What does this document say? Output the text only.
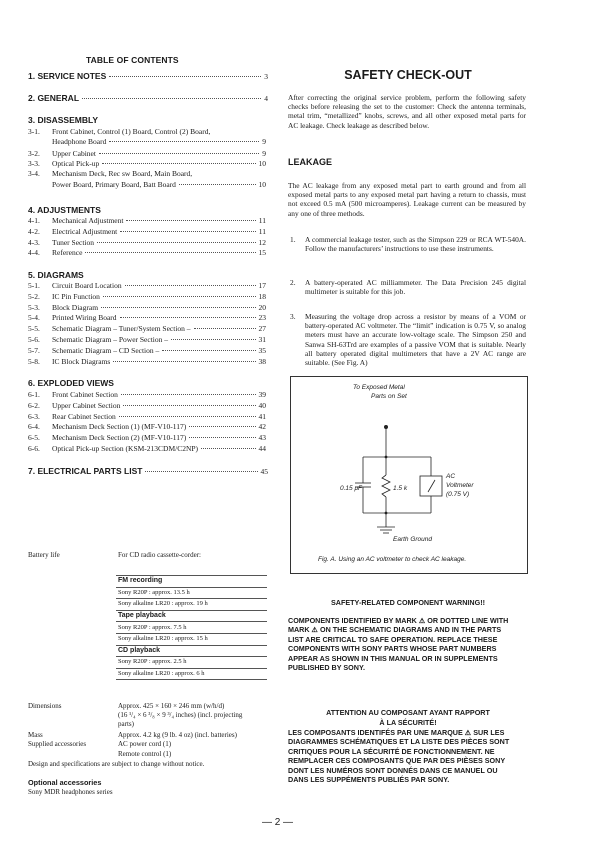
TABLE OF CONTENTS
1. SERVICE NOTES	3
2. GENERAL	4
3. DISASSEMBLY
3-1. Front Cabinet, Control (1) Board, Control (2) Board,
Headphone Board	9
3-2. Upper Cabinet	9
3-3. Optical Pick-up	10
3-4. Mechanism Deck, Rec sw Board, Main Board,
Power Board, Primary Board, Batt Board	10
4. ADJUSTMENTS
4-1. Mechanical Adjustment	11
4-2. Electrical Adjustment	11
4-3. Tuner Section	12
4-4. Reference	15
5. DIAGRAMS
5-1. Circuit Board Location	17
5-2. IC Pin Function	18
5-3. Block Diagram	20
5-4. Printed Wiring Board	23
5-5. Schematic Diagram – Tuner/System Section –	27
5-6. Schematic Diagram – Power Section –	31
5-7. Schematic Diagram – CD Section –	35
5-8. IC Block Diagrams	38
6. EXPLODED VIEWS
6-1. Front Cabinet Section	39
6-2. Upper Cabinet Section	40
6-3. Rear Cabinet Section	41
6-4. Mechanism Deck Section (1) (MF-V10-117)	42
6-5. Mechanism Deck Section (2) (MF-V10-117)	43
6-6. Optical Pick-up Section (KSM-213CDM/C2NP)	44
7. ELECTRICAL PARTS LIST	45
Battery life	For CD radio cassette-corder:
FM recording
Sony R20P : approx. 13.5 h
Sony alkaline LR20 : approx. 19 h
Tape playback
Sony R20P : approx. 7.5 h
Sony alkaline LR20 : approx. 15 h
CD playback
Sony R20P : approx. 2.5 h
Sony alkaline LR20 : approx. 6 h
Dimensions	Approx. 425 × 160 × 246 mm (w/h/d)
(16 ¹/₄ × 6 ³/₈ × 9 ³/₄ inches) (incl. projecting
parts)
Mass	Approx. 4.2 kg (9 lb. 4 oz) (incl. batteries)
Supplied accessories	AC power cord (1)
Remote control (1)
Design and specifications are subject to change without notice.
Optional accessories
Sony MDR headphones series
SAFETY CHECK-OUT
After correcting the original service problem, perform the following safety checks before releasing the set to the customer: Check the antenna terminals, metal trim, “metallized” knobs, screws, and all other exposed metal parts for AC leakage. Check leakage as described below.
LEAKAGE
The AC leakage from any exposed metal part to earth ground and from all exposed metal parts to any exposed metal part having a return to chassis, must not exceed 0.5 mA (500 microamperes). Leakage current can be measured by any one of three methods.
1. A commercial leakage tester, such as the Simpson 229 or RCA WT-540A. Follow the manufacturers’ instructions to use these instruments.
2. A battery-operated AC milliammeter. The Data Precision 245 digital multimeter is suitable for this job.
3. Measuring the voltage drop across a resistor by means of a VOM or battery-operated AC voltmeter. The “limit” indication is 0.75 V, so analog meters must have an accurate low-voltage scale. The Simpson 250 and Sanwa SH-63Trd are examples of a passive VOM that is suitable. Nearly all battery operated digital multimeters that have a 2V AC range are suitable. (See Fig. A)
To Exposed Metal
Parts on Set
0.15 μF	1.5 k
AC
Voltmeter
(0.75 V)
Earth Ground
Fig. A. Using an AC voltmeter to check AC leakage.
SAFETY-RELATED COMPONENT WARNING!!
COMPONENTS IDENTIFIED BY MARK ⚠ OR DOTTED LINE WITH
MARK ⚠ ON THE SCHEMATIC DIAGRAMS AND IN THE PARTS
LIST ARE CRITICAL TO SAFE OPERATION. REPLACE THESE
COMPONENTS WITH SONY PARTS WHOSE PART NUMBERS
APPEAR AS SHOWN IN THIS MANUAL OR IN SUPPLEMENTS
PUBLISHED BY SONY.
ATTENTION AU COMPOSANT AYANT RAPPORT
À LA SÉCURITÉ!
LES COMPOSANTS IDENTIFÉS PAR UNE MARQUE ⚠ SUR LES
DIAGRAMMES SCHÉMATIQUES ET LA LISTE DES PIÈCES SONT
CRITIQUES POUR LA SÉCURITÉ DE FONCTIONNEMENT. NE
REMPLACER CES COMPOSANTS QUE PAR DES PIÈSES SONY
DONT LES NUMÉROS SONT DONNÉS DANS CE MANUEL OU
DANS LES SUPPÉMENTS PUBLIÉS PAR SONY.
— 2 —
